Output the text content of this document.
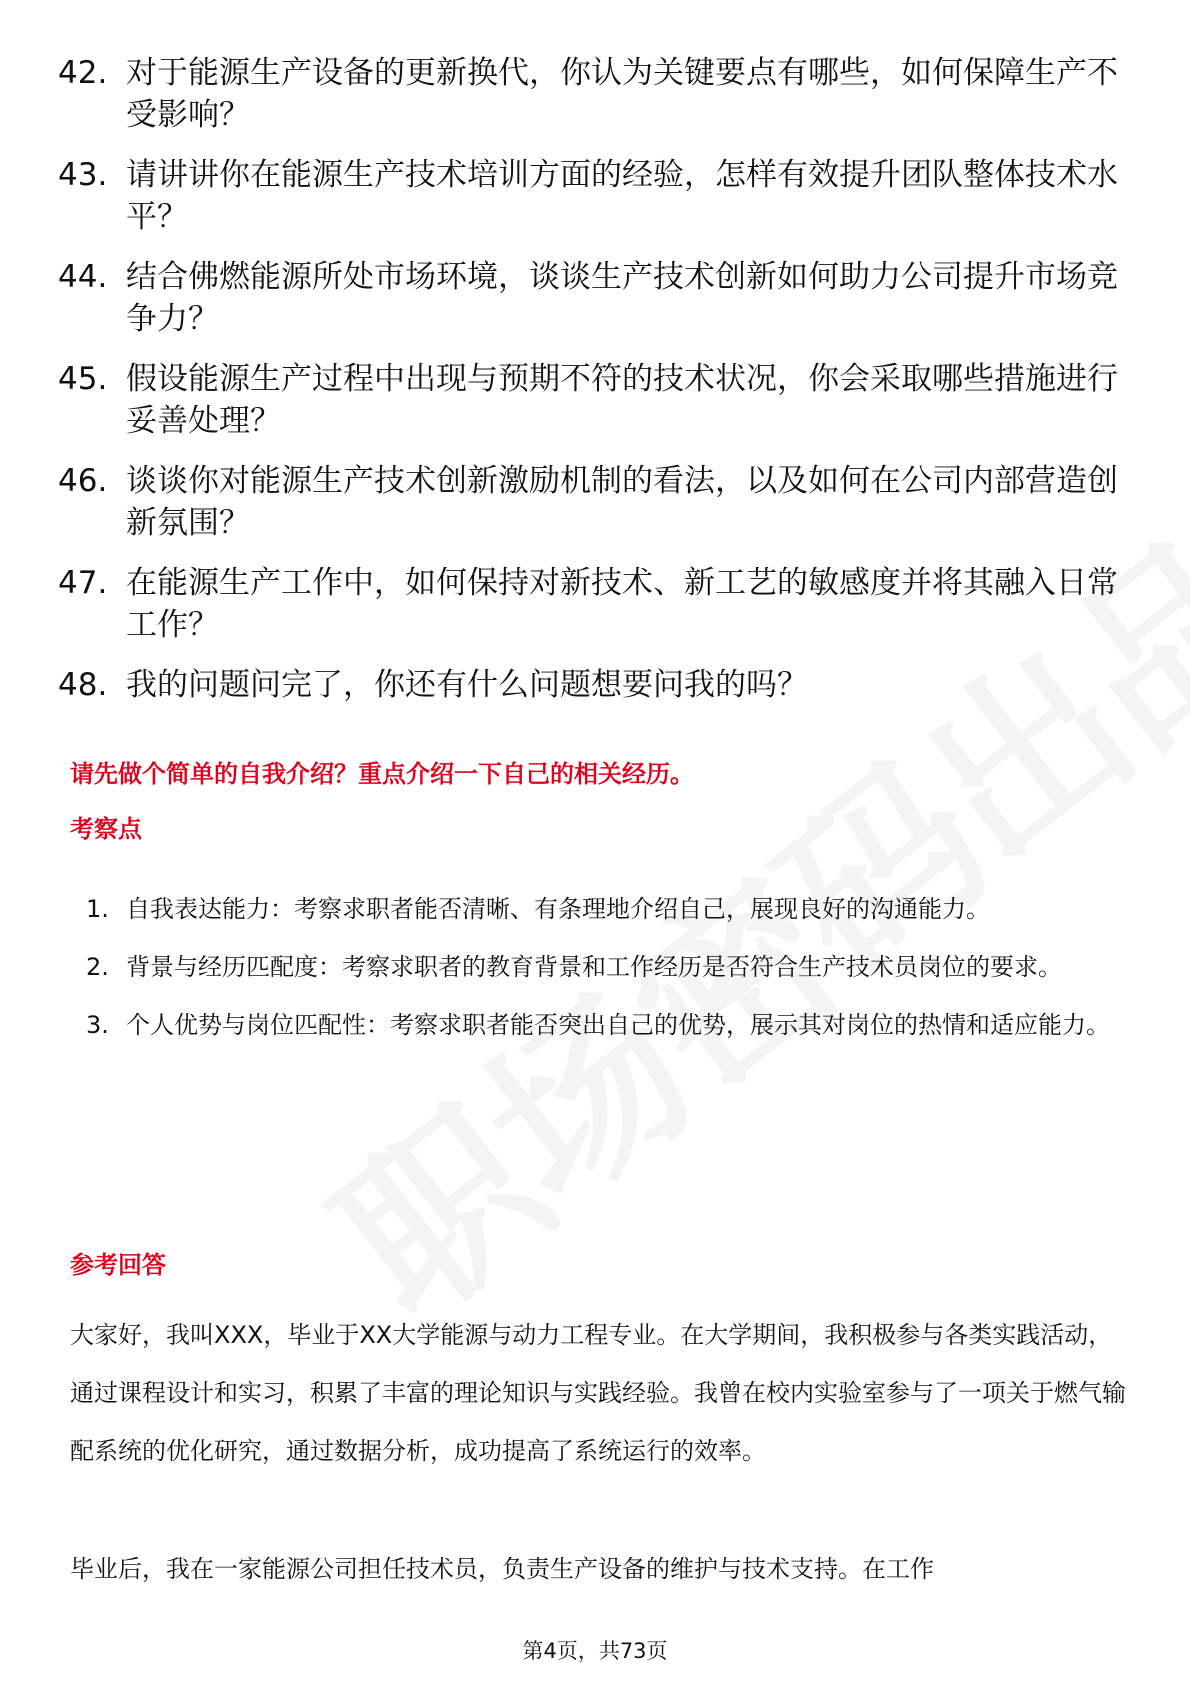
42. 对于能源生产设备的更新换代，你认为关键要点有哪些，如何保障生产不受影响？
43. 请讲讲你在能源生产技术培训方面的经验，怎样有效提升团队整体技术水平？
44. 结合佛燃能源所处市场环境，谈谈生产技术创新如何助力公司提升市场竞争力？
45. 假设能源生产过程中出现与预期不符的技术状况，你会采取哪些措施进行妥善处理？
46. 谈谈你对能源生产技术创新激励机制的看法，以及如何在公司内部营造创新氛围？
47. 在能源生产工作中，如何保持对新技术、新工艺的敏感度并将其融入日常工作？
48. 我的问题问完了，你还有什么问题想要问我的吗？
请先做个简单的自我介绍？重点介绍一下自己的相关经历。
考察点
1. 自我表达能力：考察求职者能否清晰、有条理地介绍自己，展现良好的沟通能力。
2. 背景与经历匹配度：考察求职者的教育背景和工作经历是否符合生产技术员岗位的要求。
3. 个人优势与岗位匹配性：考察求职者能否突出自己的优势，展示其对岗位的热情和适应能力。
参考回答
大家好，我叫XXX，毕业于XX大学能源与动力工程专业。在大学期间，我积极参与各类实践活动，通过课程设计和实习，积累了丰富的理论知识与实践经验。我曾在校内实验室参与了一项关于燃气输配系统的优化研究，通过数据分析，成功提高了系统运行的效率。
毕业后，我在一家能源公司担任技术员，负责生产设备的维护与技术支持。在工作
第4页，共73页
